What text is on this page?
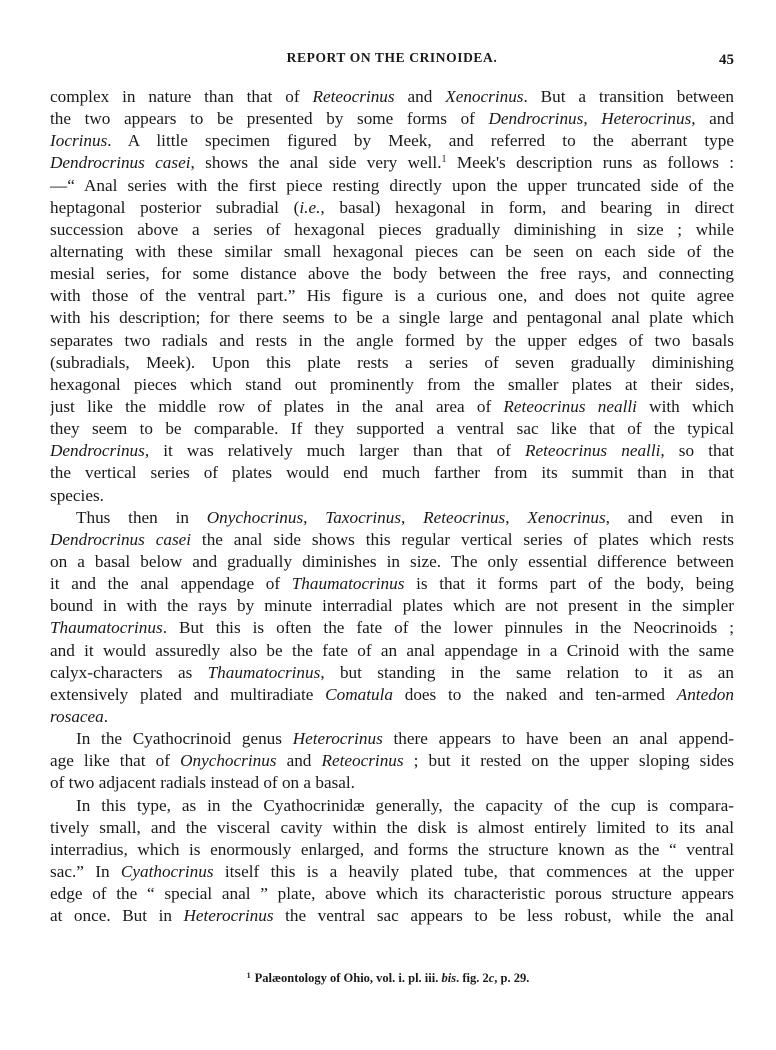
REPORT ON THE CRINOIDEA.	45
complex in nature than that of Reteocrinus and Xenocrinus. But a transition between
the two appears to be presented by some forms of Dendrocrinus, Heterocrinus, and
Iocrinus. A little specimen figured by Meek, and referred to the aberrant type
Dendrocrinus casei, shows the anal side very well.$^1$ Meek's description runs as follows :
—“ Anal series with the first piece resting directly upon the upper truncated side of the
heptagonal posterior subradial (i.e., basal) hexagonal in form, and bearing in direct
succession above a series of hexagonal pieces gradually diminishing in size ; while
alternating with these similar small hexagonal pieces can be seen on each side of the
mesial series, for some distance above the body between the free rays, and connecting
with those of the ventral part.” His figure is a curious one, and does not quite agree
with his description; for there seems to be a single large and pentagonal anal plate which
separates two radials and rests in the angle formed by the upper edges of two basals
(subradials, Meek). Upon this plate rests a series of seven gradually diminishing
hexagonal pieces which stand out prominently from the smaller plates at their sides,
just like the middle row of plates in the anal area of Reteocrinus nealli with which
they seem to be comparable. If they supported a ventral sac like that of the typical
Dendrocrinus, it was relatively much larger than that of Reteocrinus nealli, so that
the vertical series of plates would end much farther from its summit than in that
species.
Thus then in Onychocrinus, Taxocrinus, Reteocrinus, Xenocrinus, and even in
Dendrocrinus casei the anal side shows this regular vertical series of plates which rests
on a basal below and gradually diminishes in size. The only essential difference between
it and the anal appendage of Thaumatocrinus is that it forms part of the body, being
bound in with the rays by minute interradial plates which are not present in the simpler
Thaumatocrinus. But this is often the fate of the lower pinnules in the Neocrinoids ;
and it would assuredly also be the fate of an anal appendage in a Crinoid with the same
calyx-characters as Thaumatocrinus, but standing in the same relation to it as an
extensively plated and multiradiate Comatula does to the naked and ten-armed Antedon
rosacea.
In the Cyathocrinoid genus Heterocrinus there appears to have been an anal append-
age like that of Onychocrinus and Reteocrinus ; but it rested on the upper sloping sides
of two adjacent radials instead of on a basal.
In this type, as in the Cyathocrinidæ generally, the capacity of the cup is compara-
tively small, and the visceral cavity within the disk is almost entirely limited to its anal
interradius, which is enormously enlarged, and forms the structure known as the “ ventral
sac.” In Cyathocrinus itself this is a heavily plated tube, that commences at the upper
edge of the “ special anal ” plate, above which its characteristic porous structure appears
at once. But in Heterocrinus the ventral sac appears to be less robust, while the anal
$^1$ Palæontology of Ohio, vol. i. pl. iii. bis. fig. 2c, p. 29.
